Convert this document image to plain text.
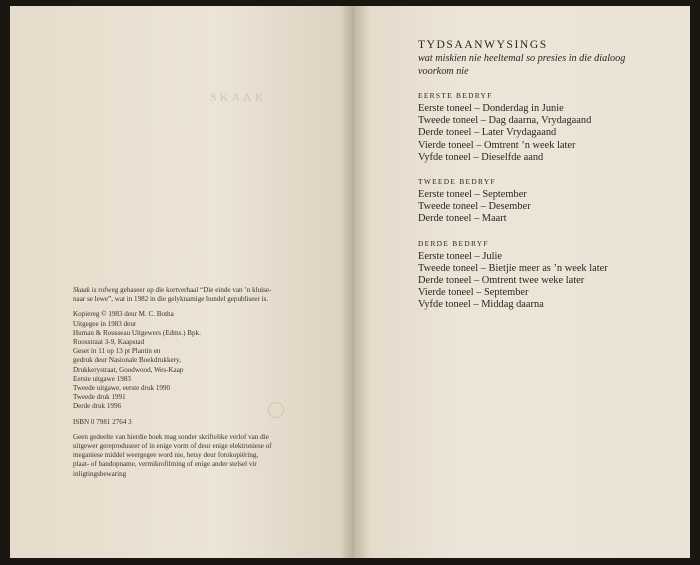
SKAAK

Skaak is rofweg gebaseer op die kortverhaal “Die einde van ’n kluise-
naar se lewe”, wat in 1982 in die gelyknamige bundel gepubliseer is.

Kopiereg © 1983 deur M. C. Botha
Uitgegee in 1983 deur
Human & Rousseau Uitgewers (Edms.) Bpk.
Roosstraat 3-9, Kaapstad
Geset in 11 op 13 pt Plantin en
gedruk deur Nasionale Boekdrukkery,
Drukkerystraat, Goodwood, Wes-Kaap
Eerste uitgawe 1983
Tweede uitgawe, eerste druk 1990
Tweede druk 1991
Derde druk 1996

ISBN 0 7981 2764 3

Geen gedeelte van hierdie boek mag sonder skriftelike verlof van die
uitgewer gereproduseer of in enige vorm of deur enige elektroniese of
meganiese middel weergegee word nie, hetsy deur fotokopiëring,
plaat- of bandopname, vermikrofilming of enige ander stelsel vir
inligtingsbewaring

TYDSAANWYSINGS
wat miskien nie heeltemal so presies in die dialoog
voorkom nie
EERSTE BEDRYF
Eerste toneel – Donderdag in Junie
Tweede toneel – Dag daarna, Vrydagaand
Derde toneel – Later Vrydagaand
Vierde toneel – Omtrent ’n week later
Vyfde toneel – Dieselfde aand
TWEEDE BEDRYF
Eerste toneel – September
Tweede toneel – Desember
Derde toneel – Maart
DERDE BEDRYF
Eerste toneel – Julie
Tweede toneel – Bietjie meer as ’n week later
Derde toneel – Omtrent twee weke later
Vierde toneel – September
Vyfde toneel – Middag daarna
